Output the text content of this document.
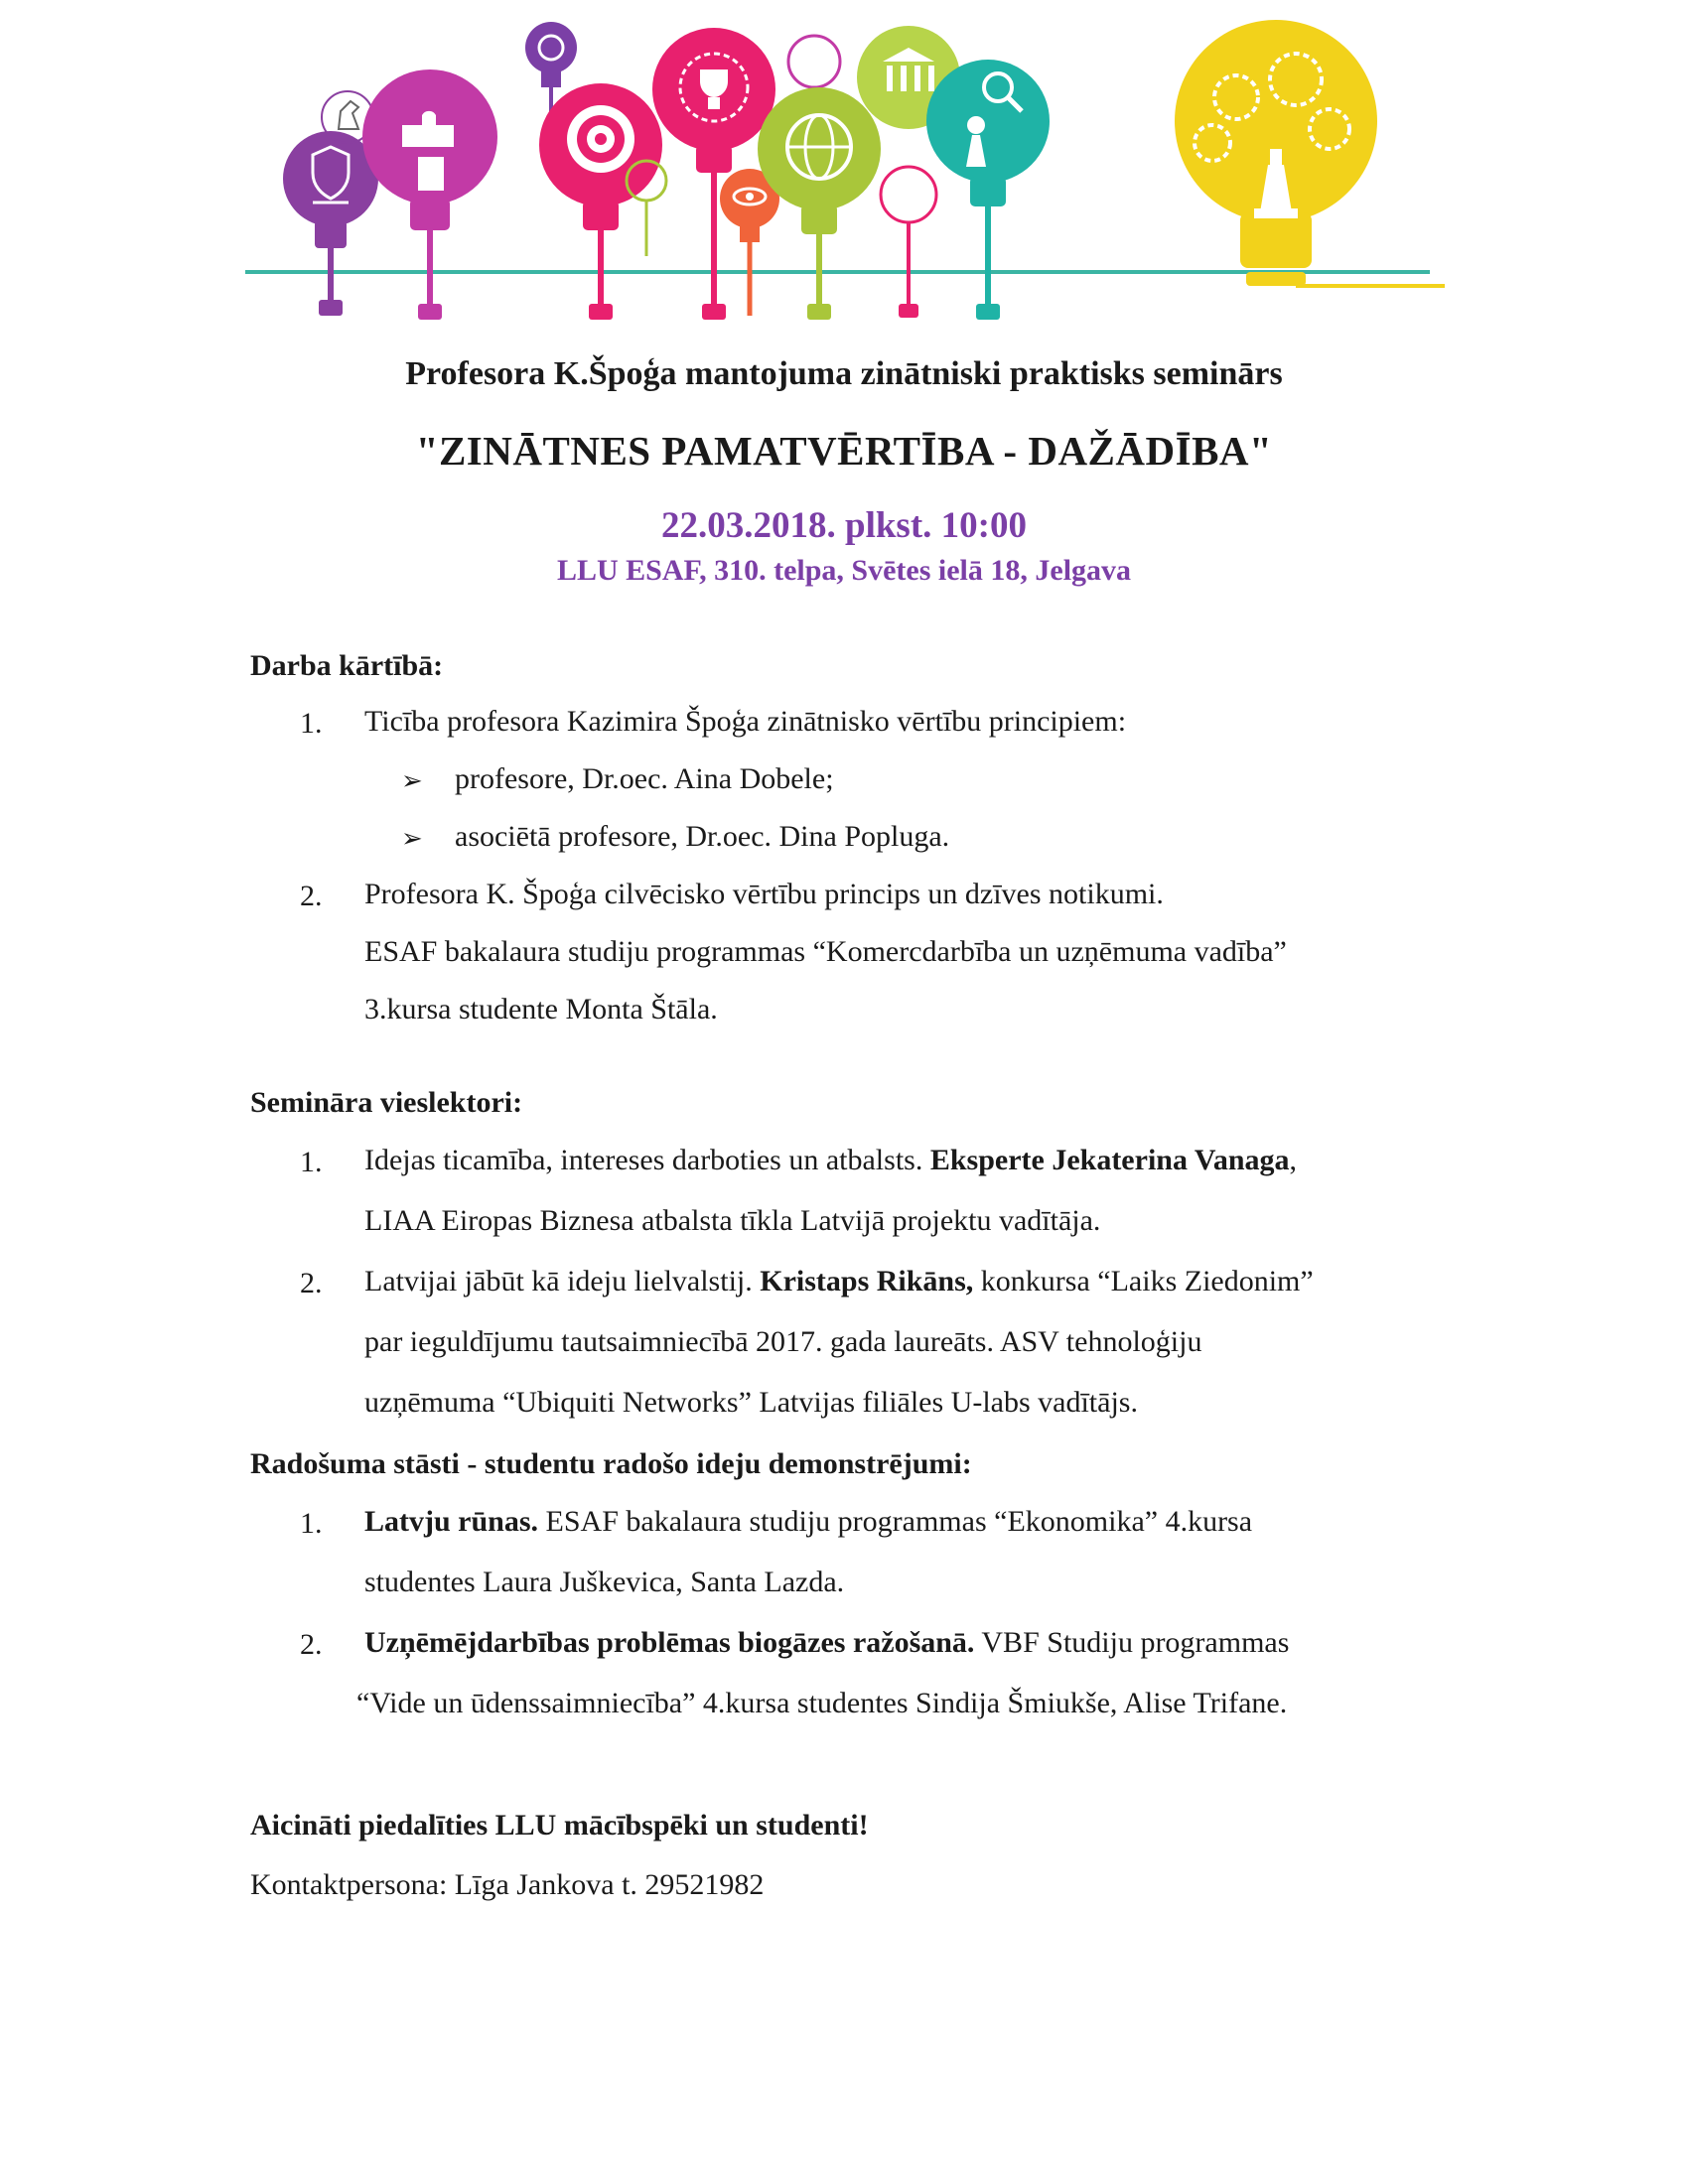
Profesora K.Špoģa mantojuma zinātniski praktisks seminārs
"ZINĀTNES PAMATVĒRTĪBA - DAŽĀDĪBA"
22.03.2018. plkst. 10:00
LLU ESAF, 310. telpa, Svētes ielā 18, Jelgava
Darba kārtībā:
1. Ticība profesora Kazimira Špoģa zinātnisko vērtību principiem:
➢ profesore, Dr.oec. Aina Dobele;
➢ asociētā profesore, Dr.oec. Dina Popluga.
2. Profesora K. Špoģa cilvēcisko vērtību princips un dzīves notikumi.
ESAF bakalaura studiju programmas “Komercdarbība un uzņēmuma vadība”
3.kursa studente Monta Štāla.
Semināra vieslektori:
1. Idejas ticamība, intereses darboties un atbalsts. Eksperte Jekaterina Vanaga,
LIAA Eiropas Biznesa atbalsta tīkla Latvijā projektu vadītāja.
2. Latvijai jābūt kā ideju lielvalstij. Kristaps Rikāns, konkursa “Laiks Ziedonim”
par ieguldījumu tautsaimniecībā 2017. gada laureāts. ASV tehnoloģiju
uzņēmuma “Ubiquiti Networks” Latvijas filiāles U-labs vadītājs.
Radošuma stāsti - studentu radošo ideju demonstrējumi:
1. Latvju rūnas. ESAF bakalaura studiju programmas “Ekonomika” 4.kursa
studentes Laura Juškevica, Santa Lazda.
2. Uzņēmējdarbības problēmas biogāzes ražošanā. VBF Studiju programmas
“Vide un ūdenssaimniecība” 4.kursa studentes Sindija Šmiukše, Alise Trifane.
Aicināti piedalīties LLU mācībspēki un studenti!
Kontaktpersona: Līga Jankova t. 29521982
